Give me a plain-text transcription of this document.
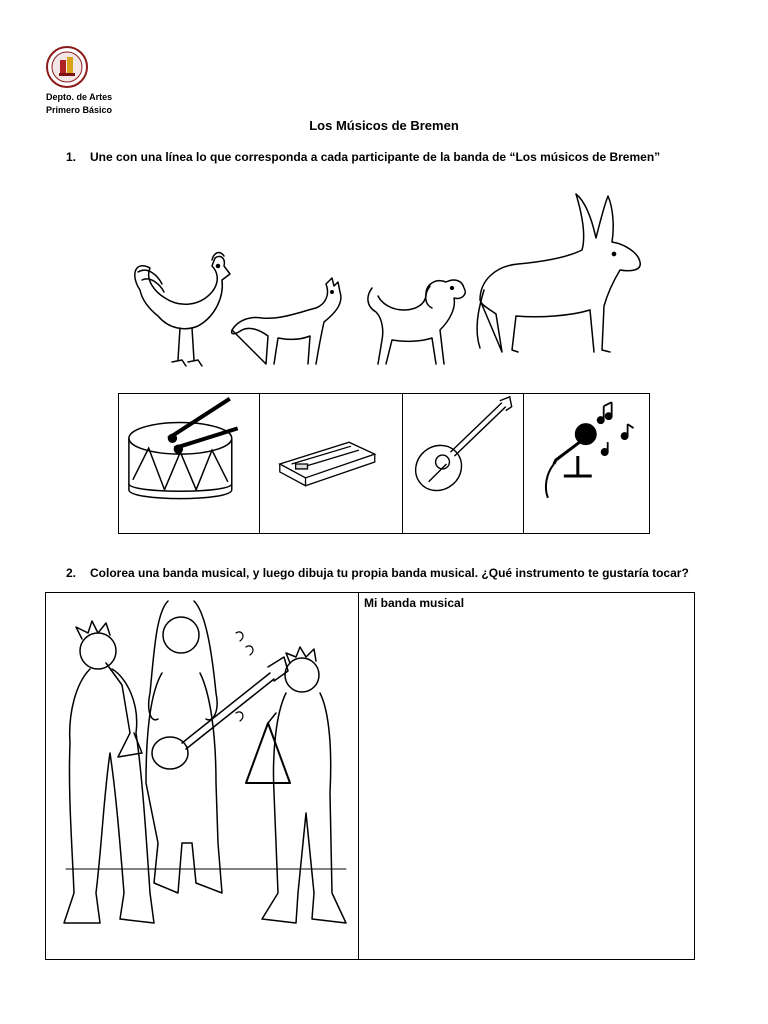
Depto. de Artes
Primero Básico
Los Músicos de Bremen
1. Une con una línea lo que corresponda a cada participante de la banda de “Los músicos de Bremen”
2. Colorea una banda musical, y luego dibuja tu propia banda musical. ¿Qué instrumento te gustaría tocar?
Mi banda musical
